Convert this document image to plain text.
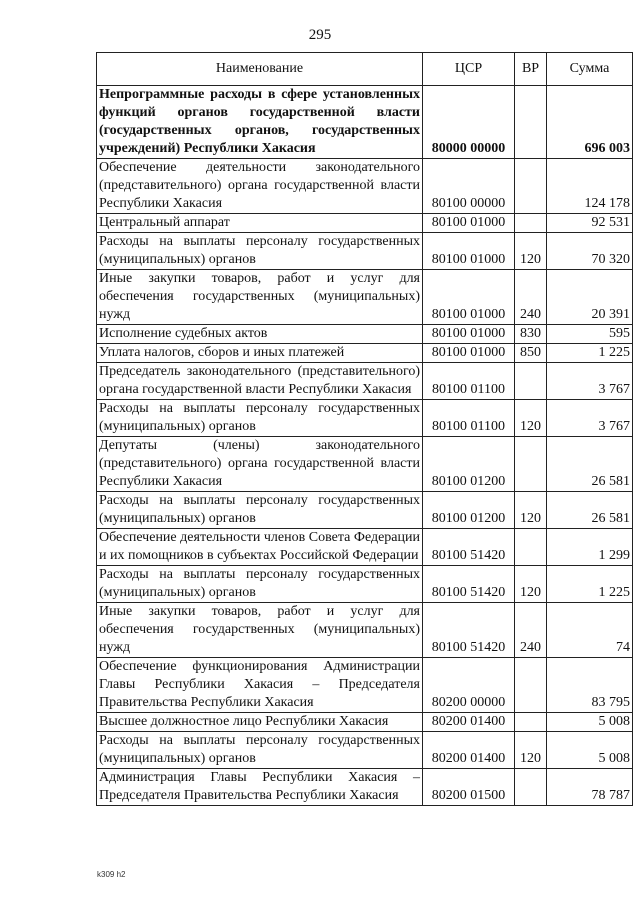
295
Наименование	ЦСР	ВР	Сумма
Непрограммные расходы в сфере установленных функций органов государственной власти (государственных органов, государственных учреждений) Республики Хакасия	80000 00000		696 003
Обеспечение деятельности законодательного (представительного) органа государственной власти Республики Хакасия	80100 00000		124 178
Центральный аппарат	80100 01000		92 531
Расходы на выплаты персоналу государственных (муниципальных) органов	80100 01000	120	70 320
Иные закупки товаров, работ и услуг для обеспечения государственных (муниципальных) нужд	80100 01000	240	20 391
Исполнение судебных актов	80100 01000	830	595
Уплата налогов, сборов и иных платежей	80100 01000	850	1 225
Председатель законодательного (представительного) органа государственной власти Республики Хакасия	80100 01100		3 767
Расходы на выплаты персоналу государственных (муниципальных) органов	80100 01100	120	3 767
Депутаты (члены) законодательного (представительного) органа государственной власти Республики Хакасия	80100 01200		26 581
Расходы на выплаты персоналу государственных (муниципальных) органов	80100 01200	120	26 581
Обеспечение деятельности членов Совета Федерации и их помощников в субъектах Российской Федерации	80100 51420		1 299
Расходы на выплаты персоналу государственных (муниципальных) органов	80100 51420	120	1 225
Иные закупки товаров, работ и услуг для обеспечения государственных (муниципальных) нужд	80100 51420	240	74
Обеспечение функционирования Администрации Главы Республики Хакасия – Председателя Правительства Республики Хакасия	80200 00000		83 795
Высшее должностное лицо Республики Хакасия	80200 01400		5 008
Расходы на выплаты персоналу государственных (муниципальных) органов	80200 01400	120	5 008
Администрация Главы Республики Хакасия – Председателя Правительства Республики Хакасия	80200 01500		78 787
k309 h2
